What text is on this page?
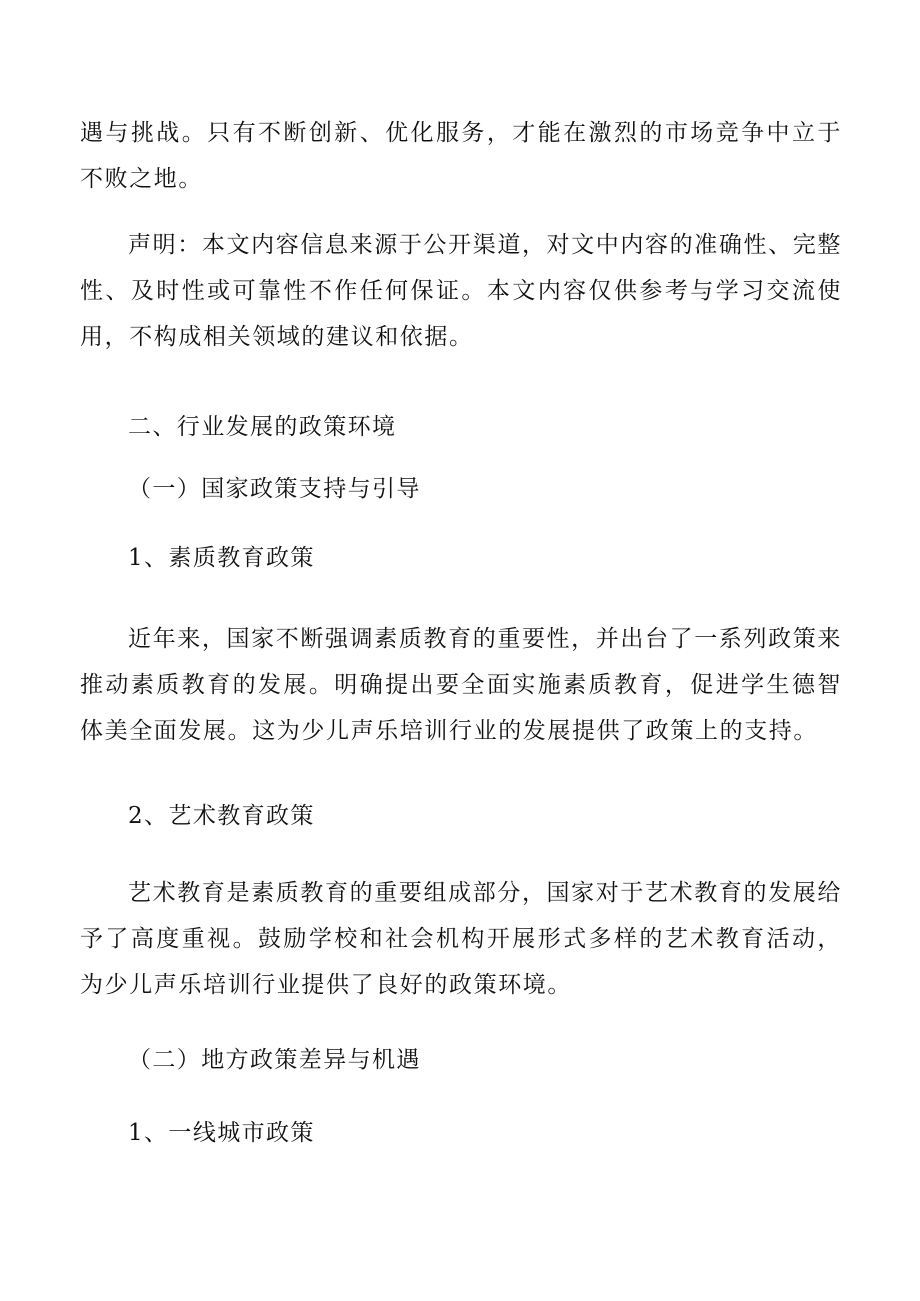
遇与挑战。只有不断创新、优化服务，才能在激烈的市场竞争中立于不败之地。

声明：本文内容信息来源于公开渠道，对文中内容的准确性、完整性、及时性或可靠性不作任何保证。本文内容仅供参考与学习交流使用，不构成相关领域的建议和依据。

二、行业发展的政策环境

（一）国家政策支持与引导

1、素质教育政策

近年来，国家不断强调素质教育的重要性，并出台了一系列政策来推动素质教育的发展。明确提出要全面实施素质教育，促进学生德智体美全面发展。这为少儿声乐培训行业的发展提供了政策上的支持。

2、艺术教育政策

艺术教育是素质教育的重要组成部分，国家对于艺术教育的发展给予了高度重视。鼓励学校和社会机构开展形式多样的艺术教育活动，为少儿声乐培训行业提供了良好的政策环境。

（二）地方政策差异与机遇

1、一线城市政策
